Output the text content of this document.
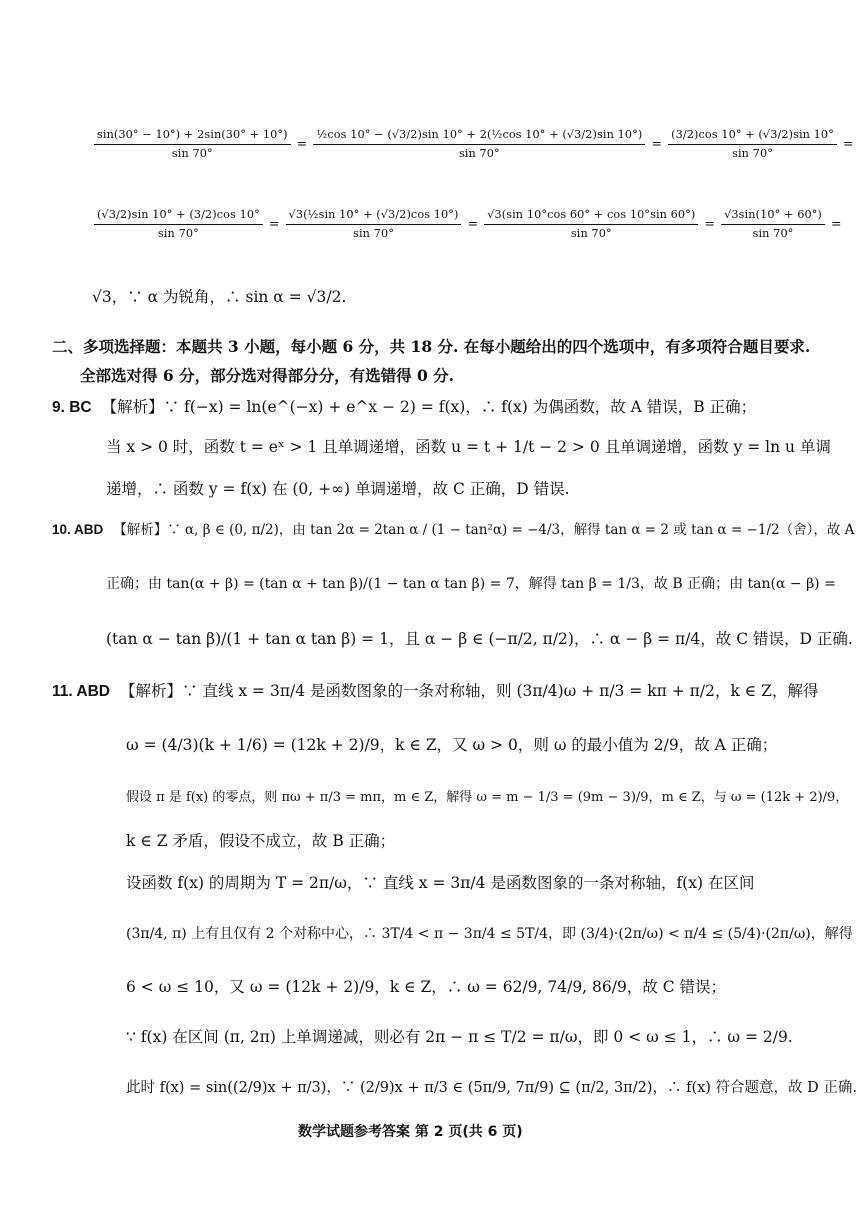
$\frac{\sin(30^\circ - 10^\circ) + 2\sin(30^\circ + 10^\circ)}{\sin 70^\circ} = \frac{\text{½cos 10° − (√3/2)sin 10° + 2(½cos 10° + (√3/2)sin 10°)}}{\sin 70^\circ} = \frac{(3/2)\cos 10^\circ + (√3/2)\sin 10^\circ}{\sin 70^\circ}$ =
$\frac{(√3/2)\sin 10^\circ + (3/2)\cos 10^\circ}{\sin 70^\circ} = \frac{\text{√3(½sin 10° + (√3/2)cos 10°)}}{\sin 70^\circ} = \frac{√3(\sin 10^\circ\cos 60^\circ + \cos 10^\circ\sin 60^\circ)}{\sin 70^\circ} = \frac{√3\sin(10^\circ + 60^\circ)}{\sin 70^\circ}$ =
√3，∵ α 为锐角，∴ sin α = √3/2.
二、多项选择题：本题共 3 小题，每小题 6 分，共 18 分. 在每小题给出的四个选项中，有多项符合题目要求.
全部选对得 6 分，部分选对得部分分，有选错得 0 分.
9. BC 【解析】∵ f(−x) = ln(e^(−x) + e^x − 2) = f(x)，∴ f(x) 为偶函数，故 A 错误，B 正确；
当 x > 0 时，函数 t = eˣ > 1 且单调递增，函数 u = t + 1/t − 2 > 0 且单调递增，函数 y = ln u 单调
递增，∴ 函数 y = f(x) 在 (0, +∞) 单调递增，故 C 正确，D 错误.
10. ABD 【解析】∵ α, β ∈ (0, π/2)，由 tan 2α = 2tan α / (1 − tan²α) = −4/3，解得 tan α = 2 或 tan α = −1/2（舍），故 A
正确；由 tan(α + β) = (tan α + tan β)/(1 − tan α tan β) = 7，解得 tan β = 1/3，故 B 正确；由 tan(α − β) =
(tan α − tan β)/(1 + tan α tan β) = 1，且 α − β ∈ (−π/2, π/2)，∴ α − β = π/4，故 C 错误，D 正确.
11. ABD 【解析】∵ 直线 x = 3π/4 是函数图象的一条对称轴，则 (3π/4)ω + π/3 = kπ + π/2，k ∈ Z，解得
ω = (4/3)(k + 1/6) = (12k + 2)/9，k ∈ Z，又 ω > 0，则 ω 的最小值为 2/9，故 A 正确；
假设 π 是 f(x) 的零点，则 πω + π/3 = mπ，m ∈ Z，解得 ω = m − 1/3 = (9m − 3)/9，m ∈ Z，与 ω = (12k + 2)/9，
k ∈ Z 矛盾，假设不成立，故 B 正确；
设函数 f(x) 的周期为 T = 2π/ω，∵ 直线 x = 3π/4 是函数图象的一条对称轴，f(x) 在区间
(3π/4, π) 上有且仅有 2 个对称中心，∴ 3T/4 < π − 3π/4 ≤ 5T/4，即 (3/4)·(2π/ω) < π/4 ≤ (5/4)·(2π/ω)，解得
6 < ω ≤ 10，又 ω = (12k + 2)/9，k ∈ Z，∴ ω = 62/9, 74/9, 86/9，故 C 错误；
∵ f(x) 在区间 (π, 2π) 上单调递减，则必有 2π − π ≤ T/2 = π/ω，即 0 < ω ≤ 1，∴ ω = 2/9.
此时 f(x) = sin((2/9)x + π/3)，∵ (2/9)x + π/3 ∈ (5π/9, 7π/9) ⊆ (π/2, 3π/2)，∴ f(x) 符合题意，故 D 正确.
数学试题参考答案 第 2 页(共 6 页)
